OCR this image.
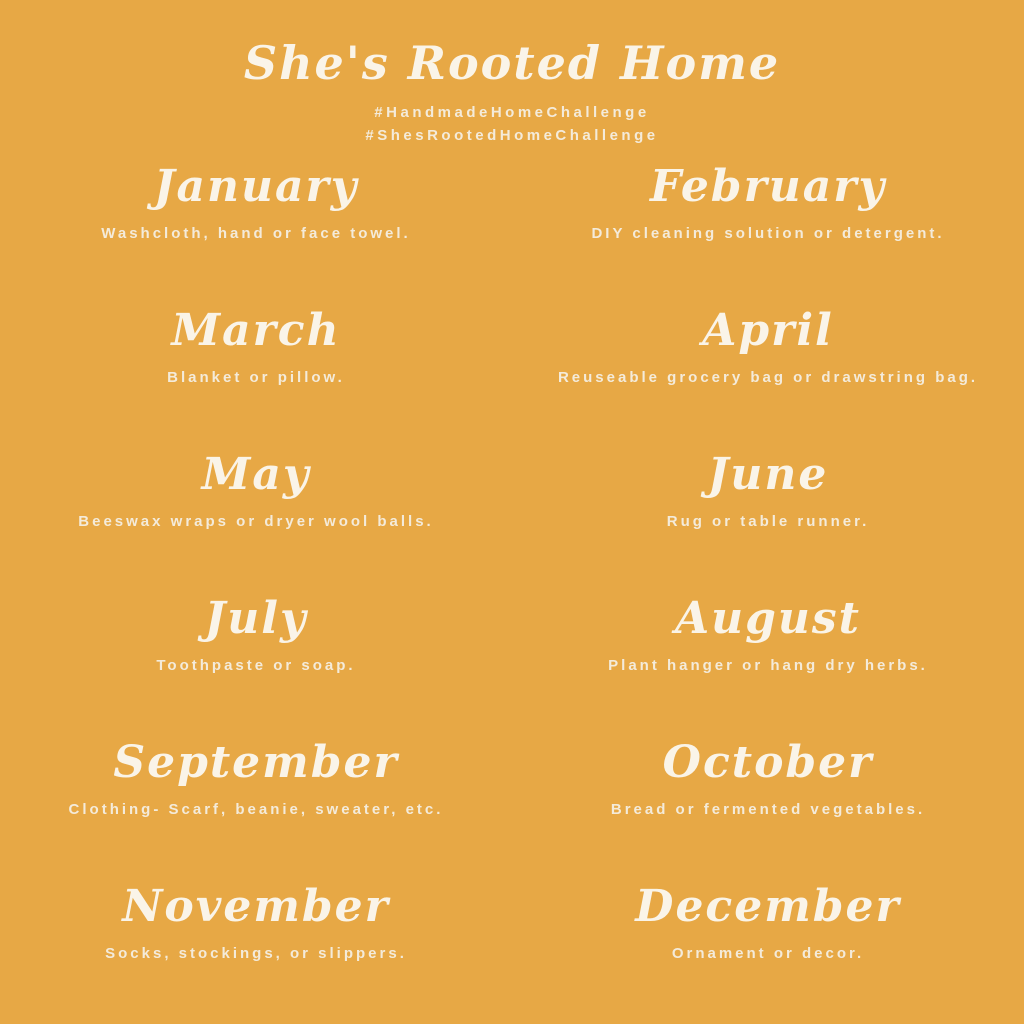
She's Rooted Home
#HandmadeHomeChallenge
#ShesRootedHomeChallenge
January
Washcloth, hand or face towel.
February
DIY cleaning solution or detergent.
March
Blanket or pillow.
April
Reuseable grocery bag or drawstring bag.
May
Beeswax wraps or dryer wool balls.
June
Rug or table runner.
July
Toothpaste or soap.
August
Plant hanger or hang dry herbs.
September
Clothing- Scarf, beanie, sweater, etc.
October
Bread or fermented vegetables.
November
Socks, stockings, or slippers.
December
Ornament or decor.
